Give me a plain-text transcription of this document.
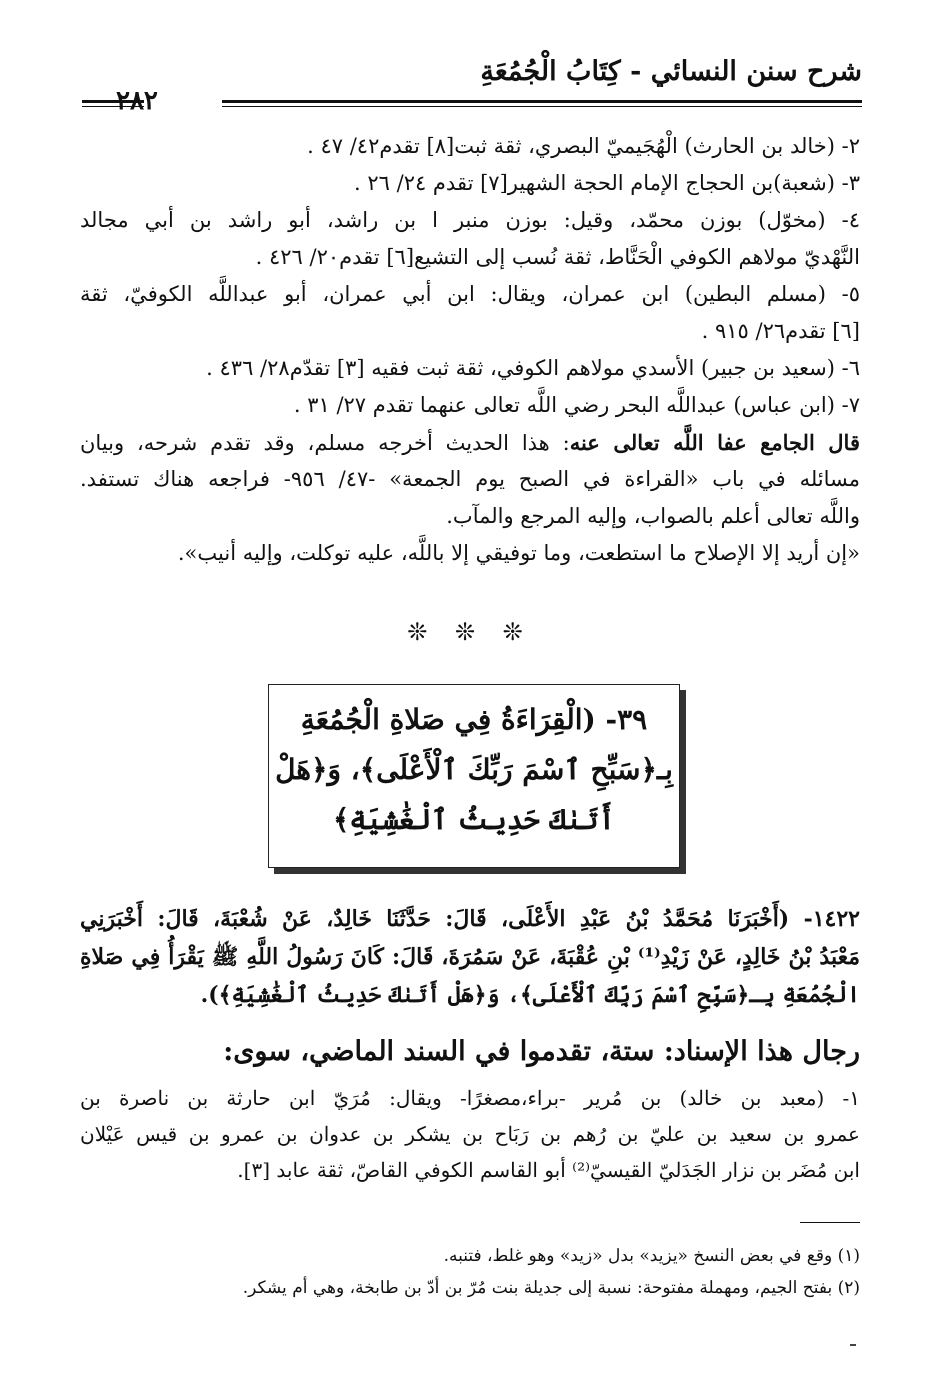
شرح سنن النسائي - كِتَابُ الْجُمُعَةِ
٢٨٢
٢- (خالد بن الحارث) الْهُجَيميّ البصري، ثقة ثبت[٨] تقدم٤٢/ ٤٧ .
٣- (شعبة)بن الحجاج الإمام الحجة الشهير[٧] تقدم ٢٤/ ٢٦ .
٤- (مخوّل) بوزن محمّد، وقيل: بوزن منبر ا بن راشد، أبو راشد بن أبي مجالد
النَّهْديّ مولاهم الكوفي الْحَنَّاط، ثقة نُسب إلى التشيع[٦] تقدم٢٠/ ٤٢٦ .
٥- (مسلم البطين) ابن عمران، ويقال: ابن أبي عمران، أبو عبداللَّه الكوفيّ، ثقة
[٦] تقدم٢٦/ ٩١٥ .
٦- (سعيد بن جبير) الأسدي مولاهم الكوفي، ثقة ثبت فقيه [٣] تقدّم٢٨/ ٤٣٦ .
٧- (ابن عباس) عبداللَّه البحر رضي اللَّه تعالى عنهما تقدم ٢٧/ ٣١ .
قال الجامع عفا اللَّه تعالى عنه: هذا الحديث أخرجه مسلم، وقد تقدم شرحه، وبيان
مسائله في باب «القراءة في الصبح يوم الجمعة» -٤٧/ ٩٥٦- فراجعه هناك تستفد.
واللَّه تعالى أعلم بالصواب، وإليه المرجع والمآب.
«إن أريد إلا الإصلاح ما استطعت، وما توفيقي إلا باللَّه، عليه توكلت، وإليه أنيب».
❊ ❊ ❊
٣٩- (الْقِرَاءَةُ فِي صَلاةِ الْجُمُعَةِ
بِـ﴿سَبِّحِ ٱسْمَ رَبِّكَ ٱلْأَعْلَى﴾، وَ﴿هَلْ
أَتَىٰكَ حَدِيثُ ٱلْغَٰشِيَةِ﴾
١٤٢٢- (أَخْبَرَنَا مُحَمَّدُ بْنُ عَبْدِ الأَعْلَى، قَالَ: حَدَّثَنَا خَالِدٌ، عَنْ شُعْبَةَ، قَالَ: أَخْبَرَنِي
مَعْبَدُ بْنُ خَالِدٍ، عَنْ زَيْدِ⁽¹⁾ بْنِ عُقْبَةَ، عَنْ سَمُرَةَ، قَالَ: كَانَ رَسُولُ اللَّهِ ﷺ يَقْرَأُ فِي صَلاةِ
الْجُمُعَةِ بِـ﴿سَبِّحِ ٱسْمَ رَبِّكَ ٱلْأَعْلَى﴾، وَ﴿هَلْ أَتَىٰكَ حَدِيثُ ٱلْغَٰشِيَةِ﴾).
رجال هذا الإسناد: ستة، تقدموا في السند الماضي، سوى:
١- (معبد بن خالد) بن مُرير -براء،مصغرًا- ويقال: مُرَيّ ابن حارثة بن ناصرة بن
عمرو بن سعيد بن عليّ بن رُهم بن رَبَاح بن يشكر بن عدوان بن عمرو بن قيس عَيْلان
ابن مُضَر بن نزار الجَدَليّ القيسيّ⁽²⁾ أبو القاسم الكوفي القاصّ، ثقة عابد [٣].
(١) وقع في بعض النسخ «يزيد» بدل «زيد» وهو غلط، فتنبه.
(٢) بفتح الجيم، ومهملة مفتوحة: نسبة إلى جديلة بنت مُرّ بن أدّ بن طابخة، وهي أم يشكر.
